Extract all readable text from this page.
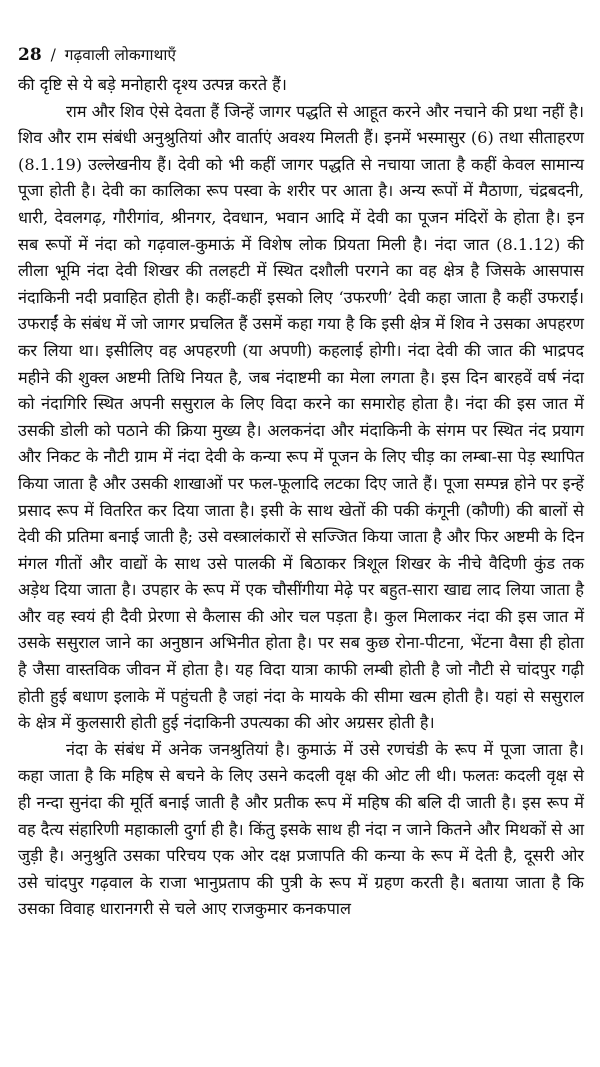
28 / गढ़वाली लोकगाथाएँ

की दृष्टि से ये बड़े मनोहारी दृश्य उत्पन्न करते हैं।

राम और शिव ऐसे देवता हैं जिन्हें जागर पद्धति से आहूत करने और नचाने की प्रथा नहीं है। शिव और राम संबंधी अनुश्रुतियां और वार्ताएं अवश्य मिलती हैं। इनमें भस्मासुर (6) तथा सीताहरण (8.1.19) उल्लेखनीय हैं। देवी को भी कहीं जागर पद्धति से नचाया जाता है कहीं केवल सामान्य पूजा होती है। देवी का कालिका रूप पस्वा के शरीर पर आता है। अन्य रूपों में मैठाणा, चंद्रबदनी, धारी, देवलगढ़, गौरीगांव, श्रीनगर, देवधान, भवान आदि में देवी का पूजन मंदिरों के होता है। इन सब रूपों में नंदा को गढ़वाल-कुमाऊं में विशेष लोक प्रियता मिली है। नंदा जात (8.1.12) की लीला भूमि नंदा देवी शिखर की तलहटी में स्थित दशौली परगने का वह क्षेत्र है जिसके आसपास नंदाकिनी नदी प्रवाहित होती है। कहीं-कहीं इसको लिए ‘उफरणी’ देवी कहा जाता है कहीं उफराईं। उफराईं के संबंध में जो जागर प्रचलित हैं उसमें कहा गया है कि इसी क्षेत्र में शिव ने उसका अपहरण कर लिया था। इसीलिए वह अपहरणी (या अपणी) कहलाई होगी। नंदा देवी की जात की भाद्रपद महीने की शुक्ल अष्टमी तिथि नियत है, जब नंदाष्टमी का मेला लगता है। इस दिन बारहवें वर्ष नंदा को नंदागिरि स्थित अपनी ससुराल के लिए विदा करने का समारोह होता है। नंदा की इस जात में उसकी डोली को पठाने की क्रिया मुख्य है। अलकनंदा और मंदाकिनी के संगम पर स्थित नंद प्रयाग और निकट के नौटी ग्राम में नंदा देवी के कन्या रूप में पूजन के लिए चीड़ का लम्बा-सा पेड़ स्थापित किया जाता है और उसकी शाखाओं पर फल-फूलादि लटका दिए जाते हैं। पूजा सम्पन्न होने पर इन्हें प्रसाद रूप में वितरित कर दिया जाता है। इसी के साथ खेतों की पकी कंगूनी (कौणी) की बालों से देवी की प्रतिमा बनाई जाती है; उसे वस्त्रालंकारों से सज्जित किया जाता है और फिर अष्टमी के दिन मंगल गीतों और वाद्यों के साथ उसे पालकी में बिठाकर त्रिशूल शिखर के नीचे वैदिणी कुंड तक अड़ेथ दिया जाता है। उपहार के रूप में एक चौसींगीया मेढ़े पर बहुत-सारा खाद्य लाद लिया जाता है और वह स्वयं ही दैवी प्रेरणा से कैलास की ओर चल पड़ता है। कुल मिलाकर नंदा की इस जात में उसके ससुराल जाने का अनुष्ठान अभिनीत होता है। पर सब कुछ रोना-पीटना, भेंटना वैसा ही होता है जैसा वास्तविक जीवन में होता है। यह विदा यात्रा काफी लम्बी होती है जो नौटी से चांदपुर गढ़ी होती हुई बधाण इलाके में पहुंचती है जहां नंदा के मायके की सीमा खत्म होती है। यहां से ससुराल के क्षेत्र में कुलसारी होती हुई नंदाकिनी उपत्यका की ओर अग्रसर होती है।

नंदा के संबंध में अनेक जनश्रुतियां है। कुमाऊं में उसे रणचंडी के रूप में पूजा जाता है। कहा जाता है कि महिष से बचने के लिए उसने कदली वृक्ष की ओट ली थी। फलतः कदली वृक्ष से ही नन्दा सुनंदा की मूर्ति बनाई जाती है और प्रतीक रूप में महिष की बलि दी जाती है। इस रूप में वह दैत्य संहारिणी महाकाली दुर्गा ही है। किंतु इसके साथ ही नंदा न जाने कितने और मिथकों से आ जुड़ी है। अनुश्रुति उसका परिचय एक ओर दक्ष प्रजापति की कन्या के रूप में देती है, दूसरी ओर उसे चांदपुर गढ़वाल के राजा भानुप्रताप की पुत्री के रूप में ग्रहण करती है। बताया जाता है कि उसका विवाह धारानगरी से चले आए राजकुमार कनकपाल
